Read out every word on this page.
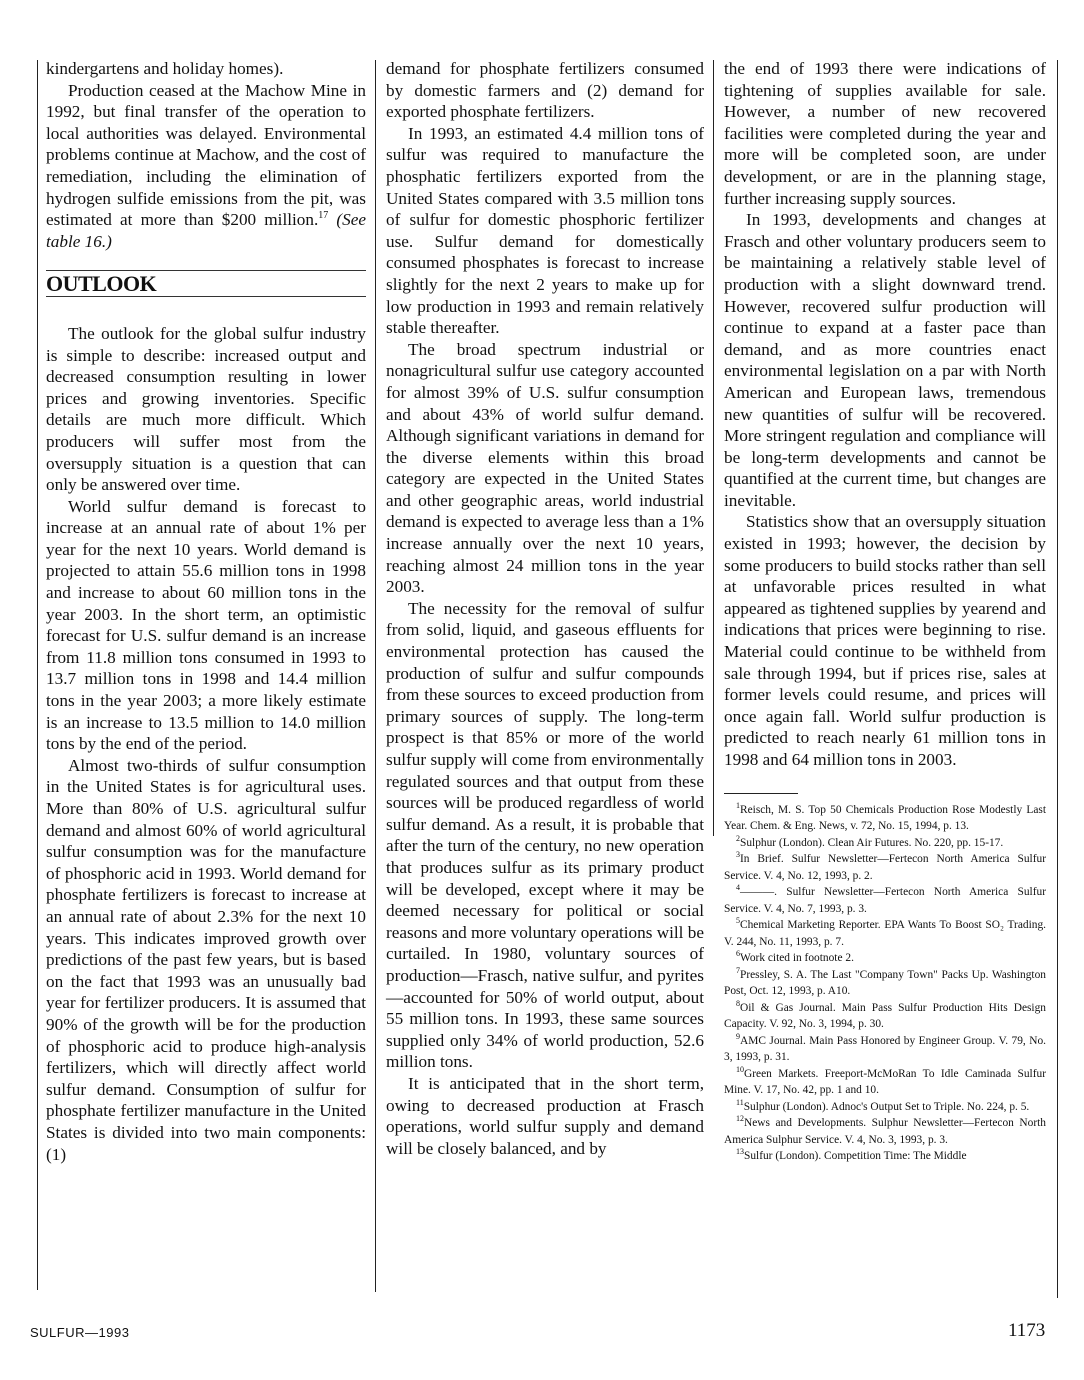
kindergartens and holiday homes).

Production ceased at the Machow Mine in 1992, but final transfer of the operation to local authorities was delayed. Environmental problems continue at Machow, and the cost of remediation, including the elimination of hydrogen sulfide emissions from the pit, was estimated at more than $200 million.$^{17}$ (See table 16.)

OUTLOOK

The outlook for the global sulfur industry is simple to describe: increased output and decreased consumption resulting in lower prices and growing inventories. Specific details are much more difficult. Which producers will suffer most from the oversupply situation is a question that can only be answered over time.

World sulfur demand is forecast to increase at an annual rate of about 1% per year for the next 10 years. World demand is projected to attain 55.6 million tons in 1998 and increase to about 60 million tons in the year 2003. In the short term, an optimistic forecast for U.S. sulfur demand is an increase from 11.8 million tons consumed in 1993 to 13.7 million tons in 1998 and 14.4 million tons in the year 2003; a more likely estimate is an increase to 13.5 million to 14.0 million tons by the end of the period.

Almost two-thirds of sulfur consumption in the United States is for agricultural uses. More than 80% of U.S. agricultural sulfur demand and almost 60% of world agricultural sulfur consumption was for the manufacture of phosphoric acid in 1993. World demand for phosphate fertilizers is forecast to increase at an annual rate of about 2.3% for the next 10 years. This indicates improved growth over predictions of the past few years, but is based on the fact that 1993 was an unusually bad year for fertilizer producers. It is assumed that 90% of the growth will be for the production of phosphoric acid to produce high-analysis fertilizers, which will directly affect world sulfur demand. Consumption of sulfur for phosphate fertilizer manufacture in the United States is divided into two main components: (1)

demand for phosphate fertilizers consumed by domestic farmers and (2) demand for exported phosphate fertilizers.

In 1993, an estimated 4.4 million tons of sulfur was required to manufacture the phosphatic fertilizers exported from the United States compared with 3.5 million tons of sulfur for domestic phosphoric fertilizer use. Sulfur demand for domestically consumed phosphates is forecast to increase slightly for the next 2 years to make up for low production in 1993 and remain relatively stable thereafter.

The broad spectrum industrial or nonagricultural sulfur use category accounted for almost 39% of U.S. sulfur consumption and about 43% of world sulfur demand. Although significant variations in demand for the diverse elements within this broad category are expected in the United States and other geographic areas, world industrial demand is expected to average less than a 1% increase annually over the next 10 years, reaching almost 24 million tons in the year 2003.

The necessity for the removal of sulfur from solid, liquid, and gaseous effluents for environmental protection has caused the production of sulfur and sulfur compounds from these sources to exceed production from primary sources of supply. The long-term prospect is that 85% or more of the world sulfur supply will come from environmentally regulated sources and that output from these sources will be produced regardless of world sulfur demand. As a result, it is probable that after the turn of the century, no new operation that produces sulfur as its primary product will be developed, except where it may be deemed necessary for political or social reasons and more voluntary operations will be curtailed. In 1980, voluntary sources of production—Frasch, native sulfur, and pyrites—accounted for 50% of world output, about 55 million tons. In 1993, these same sources supplied only 34% of world production, 52.6 million tons.

It is anticipated that in the short term, owing to decreased production at Frasch operations, world sulfur supply and demand will be closely balanced, and by

the end of 1993 there were indications of tightening of supplies available for sale. However, a number of new recovered facilities were completed during the year and more will be completed soon, are under development, or are in the planning stage, further increasing supply sources.

In 1993, developments and changes at Frasch and other voluntary producers seem to be maintaining a relatively stable level of production with a slight downward trend. However, recovered sulfur production will continue to expand at a faster pace than demand, and as more countries enact environmental legislation on a par with North American and European laws, tremendous new quantities of sulfur will be recovered. More stringent regulation and compliance will be long-term developments and cannot be quantified at the current time, but changes are inevitable.

Statistics show that an oversupply situation existed in 1993; however, the decision by some producers to build stocks rather than sell at unfavorable prices resulted in what appeared as tightened supplies by yearend and indications that prices were beginning to rise. Material could continue to be withheld from sale through 1994, but if prices rise, sales at former levels could resume, and prices will once again fall. World sulfur production is predicted to reach nearly 61 million tons in 1998 and 64 million tons in 2003.

$^1$Reisch, M. S. Top 50 Chemicals Production Rose Modestly Last Year. Chem. & Eng. News, v. 72, No. 15, 1994, p. 13.

$^2$Sulphur (London). Clean Air Futures. No. 220, pp. 15-17.

$^3$In Brief. Sulfur Newsletter—Fertecon North America Sulfur Service. V. 4, No. 12, 1993, p. 2.

$^4$———. Sulfur Newsletter—Fertecon North America Sulfur Service. V. 4, No. 7, 1993, p. 3.

$^5$Chemical Marketing Reporter. EPA Wants To Boost SO₂ Trading. V. 244, No. 11, 1993, p. 7.

$^6$Work cited in footnote 2.

$^7$Pressley, S. A. The Last "Company Town" Packs Up. Washington Post, Oct. 12, 1993, p. A10.

$^8$Oil & Gas Journal. Main Pass Sulfur Production Hits Design Capacity. V. 92, No. 3, 1994, p. 30.

$^9$AMC Journal. Main Pass Honored by Engineer Group. V. 79, No. 3, 1993, p. 31.

$^{10}$Green Markets. Freeport-McMoRan To Idle Caminada Sulfur Mine. V. 17, No. 42, pp. 1 and 10.

$^{11}$Sulphur (London). Adnoc's Output Set to Triple. No. 224, p. 5.

$^{12}$News and Developments. Sulphur Newsletter—Fertecon North America Sulphur Service. V. 4, No. 3, 1993, p. 3.

$^{13}$Sulfur (London). Competition Time: The Middle

SULFUR—1993	1173
